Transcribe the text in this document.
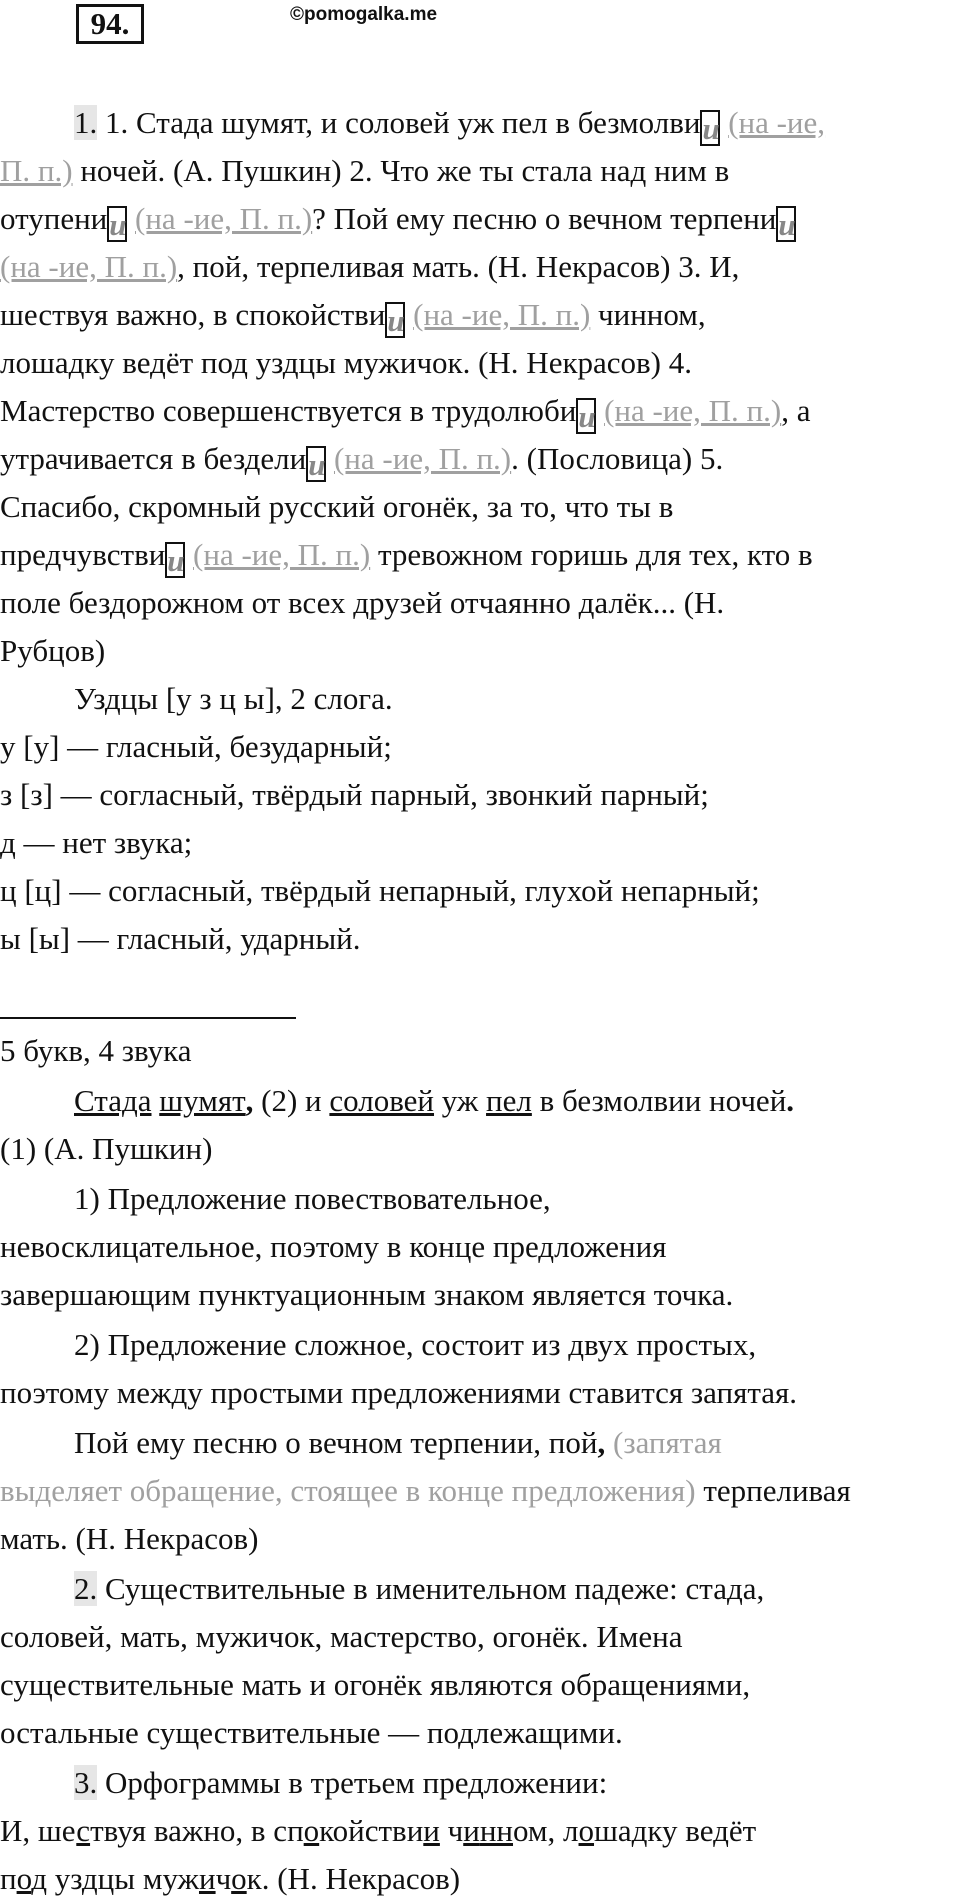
94.	©pomogalka.me
1. 1. Стада шумят, и соловей уж пел в безмолвии (на -ие,
П. п.) ночей. (А. Пушкин) 2. Что же ты стала над ним в
отупении (на -ие, П. п.)? Пой ему песню о вечном терпении
(на -ие, П. п.), пой, терпеливая мать. (Н. Некрасов) 3. И,
шествуя важно, в спокойствии (на -ие, П. п.) чинном,
лошадку ведёт под уздцы мужичок. (Н. Некрасов) 4.
Мастерство совершенствуется в трудолюбии (на -ие, П. п.), а
утрачивается в безделии (на -ие, П. п.). (Пословица) 5.
Спасибо, скромный русский огонёк, за то, что ты в
предчувствии (на -ие, П. п.) тревожном горишь для тех, кто в
поле бездорожном от всех друзей отчаянно далёк... (Н.
Рубцов)
Уздцы [у з ц ы], 2 слога.
у [у] — гласный, безударный;
з [з] — согласный, твёрдый парный, звонкий парный;
д — нет звука;
ц [ц] — согласный, твёрдый непарный, глухой непарный;
ы [ы] — гласный, ударный.
5 букв, 4 звука
Стада шумят, (2) и соловей уж пел в безмолвии ночей.
(1) (А. Пушкин)
1) Предложение повествовательное,
невосклицательное, поэтому в конце предложения
завершающим пунктуационным знаком является точка.
2) Предложение сложное, состоит из двух простых,
поэтому между простыми предложениями ставится запятая.
Пой ему песню о вечном терпении, пой, (запятая
выделяет обращение, стоящее в конце предложения) терпеливая
мать. (Н. Некрасов)
2. Существительные в именительном падеже: стада,
соловей, мать, мужичок, мастерство, огонёк. Имена
существительные мать и огонёк являются обращениями,
остальные существительные — подлежащими.
3. Орфограммы в третьем предложении:
И, шествуя важно, в спокойствии чинном, лошадку ведёт
под уздцы мужичок. (Н. Некрасов)
